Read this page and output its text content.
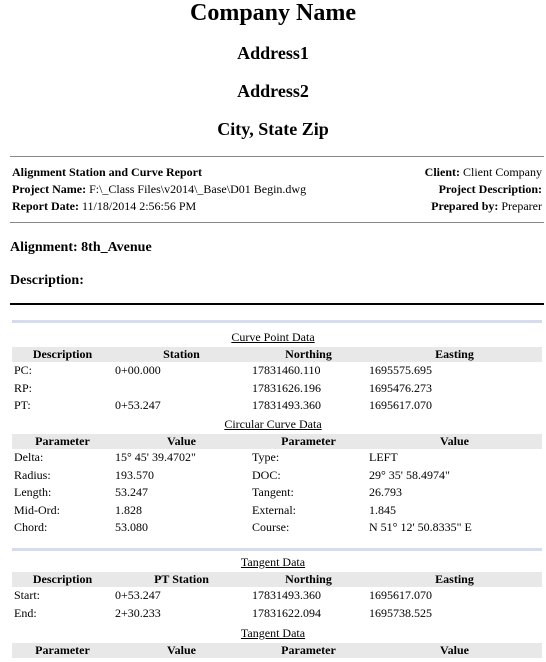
Company Name
Address1
Address2
City, State Zip
Alignment Station and Curve Report
Project Name: F:\_Class Files\v2014\_Base\D01 Begin.dwg
Report Date: 11/18/2014 2:56:56 PM
Client: Client Company
Project Description:
Prepared by: Preparer
Alignment: 8th_Avenue
Description:
Curve Point Data
Description	Station	Northing	Easting
PC:	0+00.000	17831460.110	1695575.695
RP:		17831626.196	1695476.273
PT:	0+53.247	17831493.360	1695617.070
Circular Curve Data
Parameter	Value	Parameter	Value
Delta:	15° 45' 39.4702"	Type:	LEFT
Radius:	193.570	DOC:	29° 35' 58.4974"
Length:	53.247	Tangent:	26.793
Mid-Ord:	1.828	External:	1.845
Chord:	53.080	Course:	N 51° 12' 50.8335" E
Tangent Data
Description	PT Station	Northing	Easting
Start:	0+53.247	17831493.360	1695617.070
End:	2+30.233	17831622.094	1695738.525
Tangent Data
Parameter	Value	Parameter	Value
